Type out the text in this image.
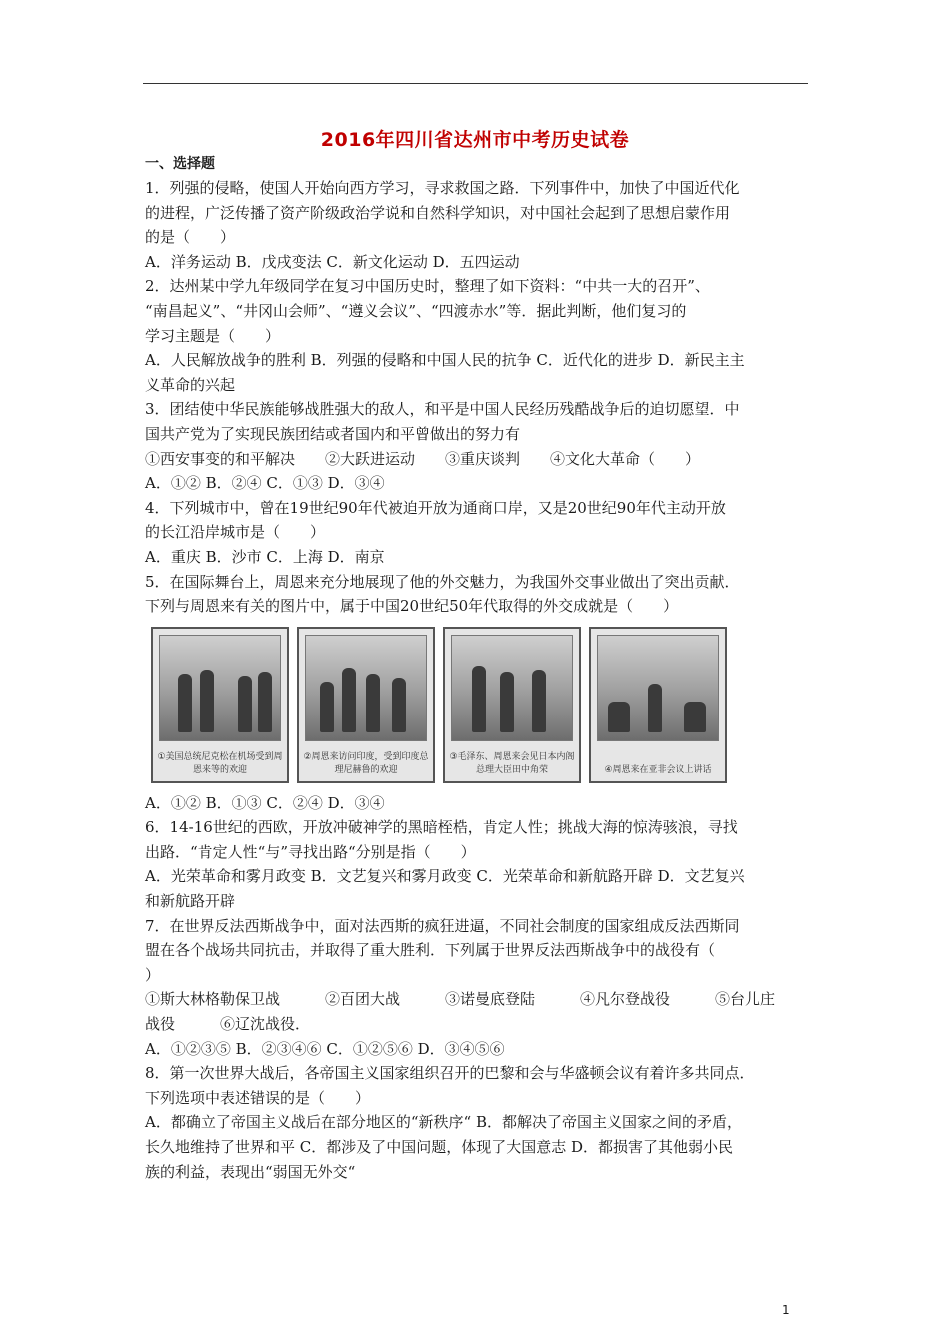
2016年四川省达州市中考历史试卷
一、选择题

1．列强的侵略，使国人开始向西方学习，寻求救国之路．下列事件中，加快了中国近代化

的进程，广泛传播了资产阶级政治学说和自然科学知识，对中国社会起到了思想启蒙作用

的是（　　）

A．洋务运动 B．戊戌变法 C．新文化运动 D．五四运动

2．达州某中学九年级同学在复习中国历史时，整理了如下资料：“中共一大的召开”、

“南昌起义”、“井冈山会师”、“遵义会议”、“四渡赤水”等．据此判断，他们复习的

学习主题是（　　）

A．人民解放战争的胜利 B．列强的侵略和中国人民的抗争 C．近代化的进步 D．新民主主

义革命的兴起

3．团结使中华民族能够战胜强大的敌人，和平是中国人民经历残酷战争后的迫切愿望．中

国共产党为了实现民族团结或者国内和平曾做出的努力有

①西安事变的和平解决　　②大跃进运动　　③重庆谈判　　④文化大革命（　　）

A．①② B．②④ C．①③ D．③④

4．下列城市中，曾在19世纪90年代被迫开放为通商口岸，又是20世纪90年代主动开放

的长江沿岸城市是（　　）

A．重庆 B．沙市 C．上海 D．南京

5．在国际舞台上，周恩来充分地展现了他的外交魅力，为我国外交事业做出了突出贡献．

下列与周恩来有关的图片中，属于中国20世纪50年代取得的外交成就是（　　）

①美国总统尼克松在机场受到周恩来等的欢迎
②周恩来访问印度，受到印度总理尼赫鲁的欢迎
③毛泽东、周恩来会见日本内阁总理大臣田中角荣	④周恩来在亚非会议上讲话

A．①② B．①③ C．②④ D．③④

6．14-16世纪的西欧，开放冲破神学的黑暗桎梏，肯定人性；挑战大海的惊涛骇浪，寻找

出路．“肯定人性“与”寻找出路“分别是指（　　）

A．光荣革命和雾月政变 B．文艺复兴和雾月政变 C．光荣革命和新航路开辟 D．文艺复兴

和新航路开辟

7．在世界反法西斯战争中，面对法西斯的疯狂进逼，不同社会制度的国家组成反法西斯同

盟在各个战场共同抗击，并取得了重大胜利．下列属于世界反法西斯战争中的战役有（

）

①斯大林格勒保卫战　　　②百团大战　　　③诺曼底登陆　　　④凡尔登战役　　　⑤台儿庄

战役　　　⑥辽沈战役．

A．①②③⑤ B．②③④⑥ C．①②⑤⑥ D．③④⑤⑥

8．第一次世界大战后，各帝国主义国家组织召开的巴黎和会与华盛顿会议有着许多共同点．

下列选项中表述错误的是（　　）

A．都确立了帝国主义战后在部分地区的“新秩序“ B．都解决了帝国主义国家之间的矛盾，

长久地维持了世界和平 C．都涉及了中国问题，体现了大国意志 D．都损害了其他弱小民

族的利益，表现出“弱国无外交“

1
